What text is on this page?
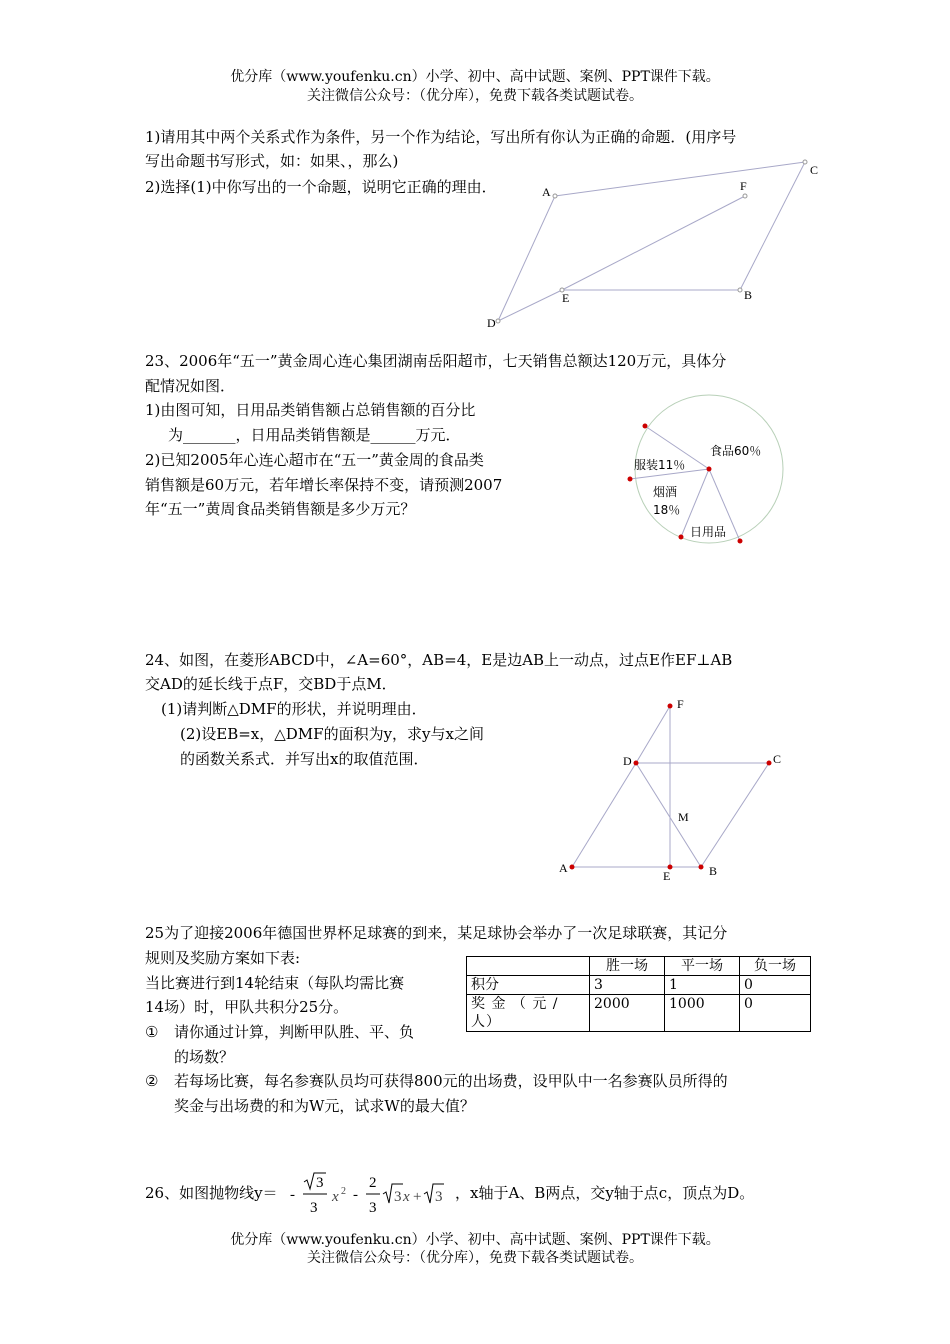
优分库（www.youfenku.cn）小学、初中、高中试题、案例、PPT课件下载。
关注微信公众号：（优分库），免费下载各类试题试卷。
1)请用其中两个关系式作为条件，另一个作为结论，写出所有你认为正确的命题．(用序号
写出命题书写形式，如：如果、，那么)
2)选择(1)中你写出的一个命题，说明它正确的理由．	A	F
C
E	B
D
23、2006年“五一”黄金周心连心集团湖南岳阳超市，七天销售总额达120万元，具体分
配情况如图．
1)由图可知，日用品类销售额占总销售额的百分比
为_______，日用品类销售额是______万元．
2)已知2005年心连心超市在“五一”黄金周的食品类
销售额是60万元，若年增长率保持不变，请预测2007
年“五一”黄周食品类销售额是多少万元？
食品60％
服装11％
烟酒
18％
日用品
24、如图，在菱形ABCD中，∠A=60°，AB=4，E是边AB上一动点，过点E作EF⊥AB
交AD的延长线于点F，交BD于点M．
(1)请判断△DMF的形状，并说明理由．
(2)设EB=x，△DMF的面积为y，求y与x之间
的函数关系式．并写出x的取值范围．
F
D	C
M
A
E	B
25为了迎接2006年德国世界杯足球赛的到来，某足球协会举办了一次足球联赛，其记分
规则及奖励方案如下表:
当比赛进行到14轮结束（每队均需比赛
14场）时，甲队共积分25分。
① 请你通过计算，判断甲队胜、平、负
的场数？
② 若每场比赛，每名参赛队员均可获得800元的出场费，设甲队中一名参赛队员所得的
奖金与出场费的和为W元，试求W的最大值？
	胜一场	平一场	负一场
积分	3	1	0
奖 金 （ 元 / 人）	2000	1000	0
26、如图抛物线y＝ -
3
3
x 2 -
2
3
3 x + 3 ，x轴于A、B两点，交y轴于点c，顶点为D。
优分库（www.youfenku.cn）小学、初中、高中试题、案例、PPT课件下载。
关注微信公众号：（优分库），免费下载各类试题试卷。
